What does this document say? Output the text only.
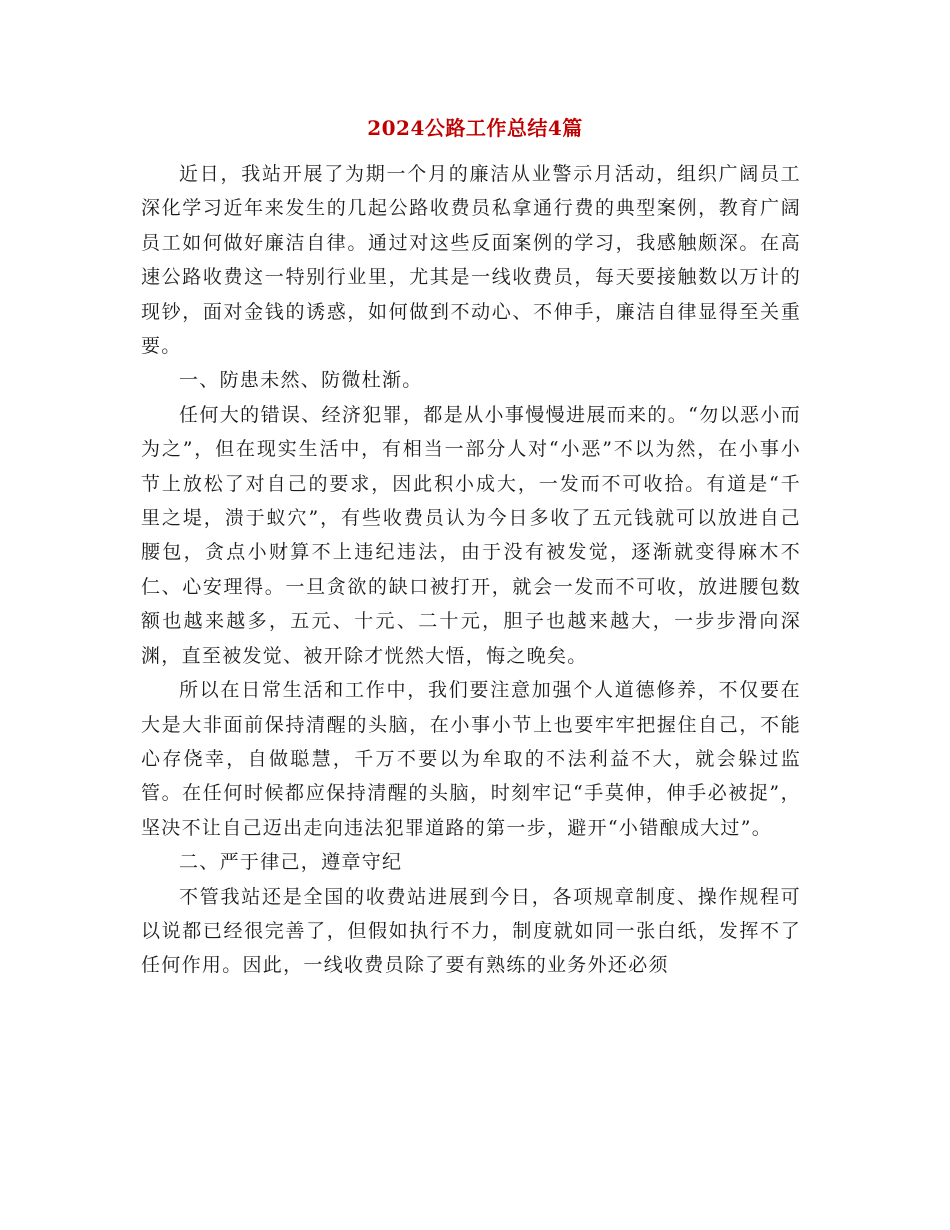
2024公路工作总结4篇

近日，我站开展了为期一个月的廉洁从业警示月活动，组织广阔员工深化学习近年来发生的几起公路收费员私拿通行费的典型案例，教育广阔员工如何做好廉洁自律。通过对这些反面案例的学习，我感触颇深。在高速公路收费这一特别行业里，尤其是一线收费员，每天要接触数以万计的现钞，面对金钱的诱惑，如何做到不动心、不伸手，廉洁自律显得至关重要。

一、防患未然、防微杜渐。

任何大的错误、经济犯罪，都是从小事慢慢进展而来的。“勿以恶小而为之”，但在现实生活中，有相当一部分人对“小恶”不以为然，在小事小节上放松了对自己的要求，因此积小成大，一发而不可收拾。有道是“千里之堤，溃于蚁穴”，有些收费员认为今日多收了五元钱就可以放进自己腰包，贪点小财算不上违纪违法，由于没有被发觉，逐渐就变得麻木不仁、心安理得。一旦贪欲的缺口被打开，就会一发而不可收，放进腰包数额也越来越多，五元、十元、二十元，胆子也越来越大，一步步滑向深渊，直至被发觉、被开除才恍然大悟，悔之晚矣。

所以在日常生活和工作中，我们要注意加强个人道德修养，不仅要在大是大非面前保持清醒的头脑，在小事小节上也要牢牢把握住自己，不能心存侥幸，自做聪慧，千万不要以为牟取的不法利益不大，就会躲过监管。在任何时候都应保持清醒的头脑，时刻牢记“手莫伸，伸手必被捉”，坚决不让自己迈出走向违法犯罪道路的第一步，避开“小错酿成大过”。

二、严于律己，遵章守纪

不管我站还是全国的收费站进展到今日，各项规章制度、操作规程可以说都已经很完善了，但假如执行不力，制度就如同一张白纸，发挥不了任何作用。因此，一线收费员除了要有熟练的业务外还必须
